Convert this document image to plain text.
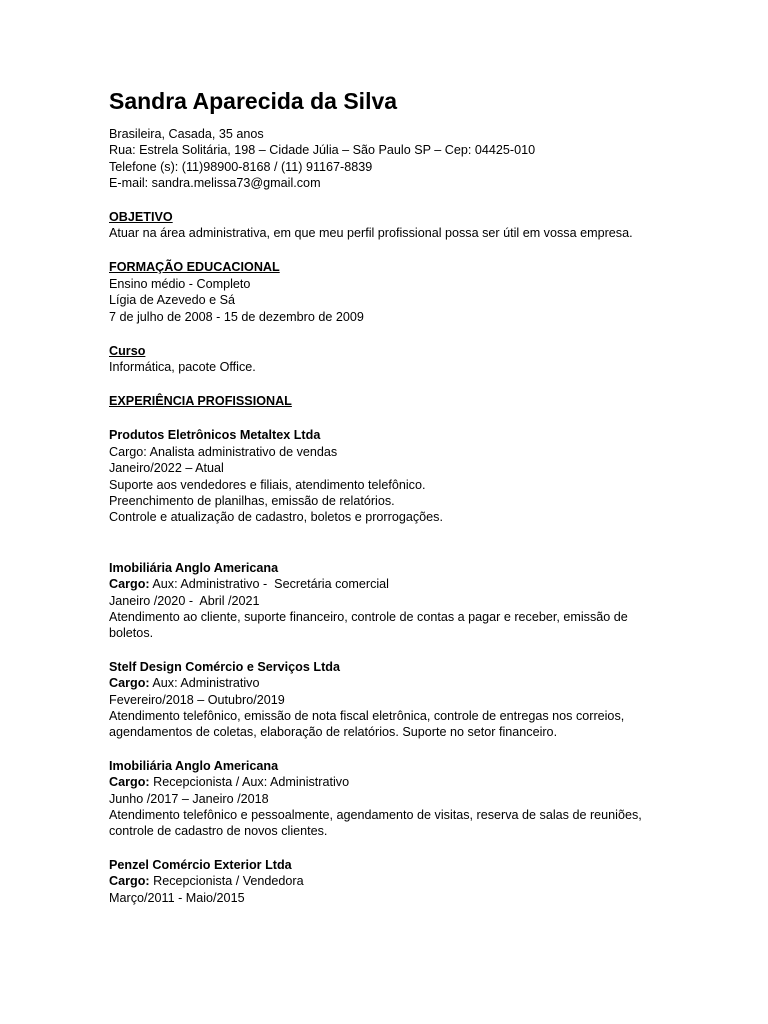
Sandra Aparecida da Silva
Brasileira, Casada, 35 anos
Rua: Estrela Solitária, 198 – Cidade Júlia – São Paulo SP – Cep: 04425-010
Telefone (s): (11)98900-8168 / (11) 91167-8839
E-mail: sandra.melissa73@gmail.com
OBJETIVO
Atuar na área administrativa, em que meu perfil profissional possa ser útil em vossa empresa.
FORMAÇÃO EDUCACIONAL
Ensino médio - Completo
Lígia de Azevedo e Sá
7 de julho de 2008 - 15 de dezembro de 2009
Curso
Informática, pacote Office.
EXPERIÊNCIA PROFISSIONAL
Produtos Eletrônicos Metaltex Ltda
Cargo: Analista administrativo de vendas
Janeiro/2022 – Atual
Suporte aos vendedores e filiais, atendimento telefônico.
Preenchimento de planilhas, emissão de relatórios.
Controle e atualização de cadastro, boletos e prorrogações.
Imobiliária Anglo Americana
Cargo: Aux: Administrativo -  Secretária comercial
Janeiro /2020 -  Abril /2021
Atendimento ao cliente, suporte financeiro, controle de contas a pagar e receber, emissão de boletos.
Stelf Design Comércio e Serviços Ltda
Cargo: Aux: Administrativo
Fevereiro/2018 – Outubro/2019
Atendimento telefônico, emissão de nota fiscal eletrônica, controle de entregas nos correios, agendamentos de coletas, elaboração de relatórios. Suporte no setor financeiro.
Imobiliária Anglo Americana
Cargo: Recepcionista / Aux: Administrativo
Junho /2017 – Janeiro /2018
Atendimento telefônico e pessoalmente, agendamento de visitas, reserva de salas de reuniões, controle de cadastro de novos clientes.
Penzel Comércio Exterior Ltda
Cargo: Recepcionista / Vendedora
Março/2011 - Maio/2015
